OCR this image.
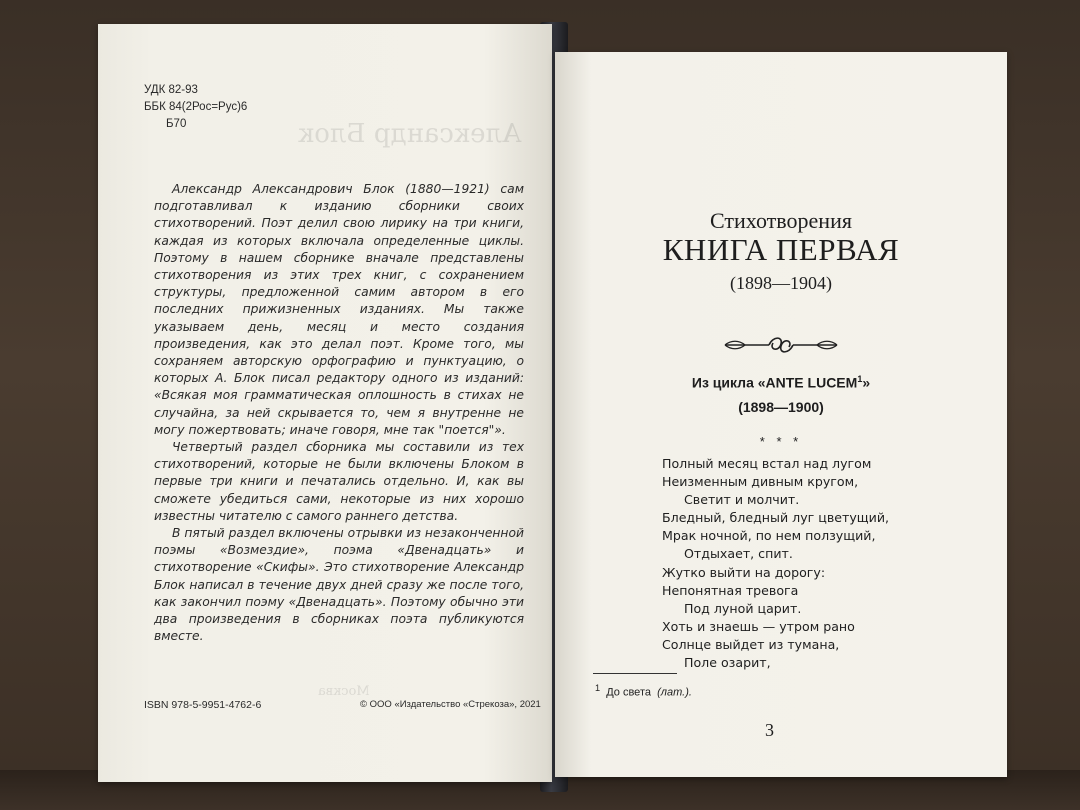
Александр Блок
Москва
УДК 82-93
ББК 84(2Рос=Рус)6
Б70

Александр Александрович Блок (1880—1921) сам подготавливал к изданию сборники своих стихотворений. Поэт делил свою лирику на три книги, каждая из которых включала определенные циклы. Поэтому в нашем сборнике вначале представлены стихотворения из этих трех книг, с сохранением структуры, предложенной самим автором в его последних прижизненных изданиях. Мы также указываем день, месяц и место создания произведения, как это делал поэт. Кроме того, мы сохраняем авторскую орфографию и пунктуацию, о которых А. Блок писал редактору одного из изданий: «Всякая моя грамматическая оплошность в стихах не случайна, за ней скрывается то, чем я внутренне не могу пожертвовать; иначе говоря, мне так "поется"».

Четвертый раздел сборника мы составили из тех стихотворений, которые не были включены Блоком в первые три книги и печатались отдельно. И, как вы сможете убедиться сами, некоторые из них хорошо известны читателю с самого раннего детства.

В пятый раздел включены отрывки из незаконченной поэмы «Возмездие», поэма «Двенадцать» и стихотворение «Скифы». Это стихотворение Александр Блок написал в течение двух дней сразу же после того, как закончил поэму «Двенадцать». Поэтому обычно эти два произведения в сборниках поэта публикуются вместе.

ISBN 978-5-9951-4762-6	© ООО «Издательство «Стрекоза», 2021

Стихотворения
КНИГА ПЕРВАЯ
(1898—1904)
Из цикла «ANTE LUCEM$^1$»
(1898—1900)
* * *
Полный месяц встал над лугом
Неизменным дивным кругом,
Светит и молчит.
Бледный, бледный луг цветущий,
Мрак ночной, по нем ползущий,
Отдыхает, спит.
Жутко выйти на дорогу:
Непонятная тревога
Под луной царит.
Хоть и знаешь — утром рано
Солнце выйдет из тумана,
Поле озарит,
$^1$ До света (лат.).
3
